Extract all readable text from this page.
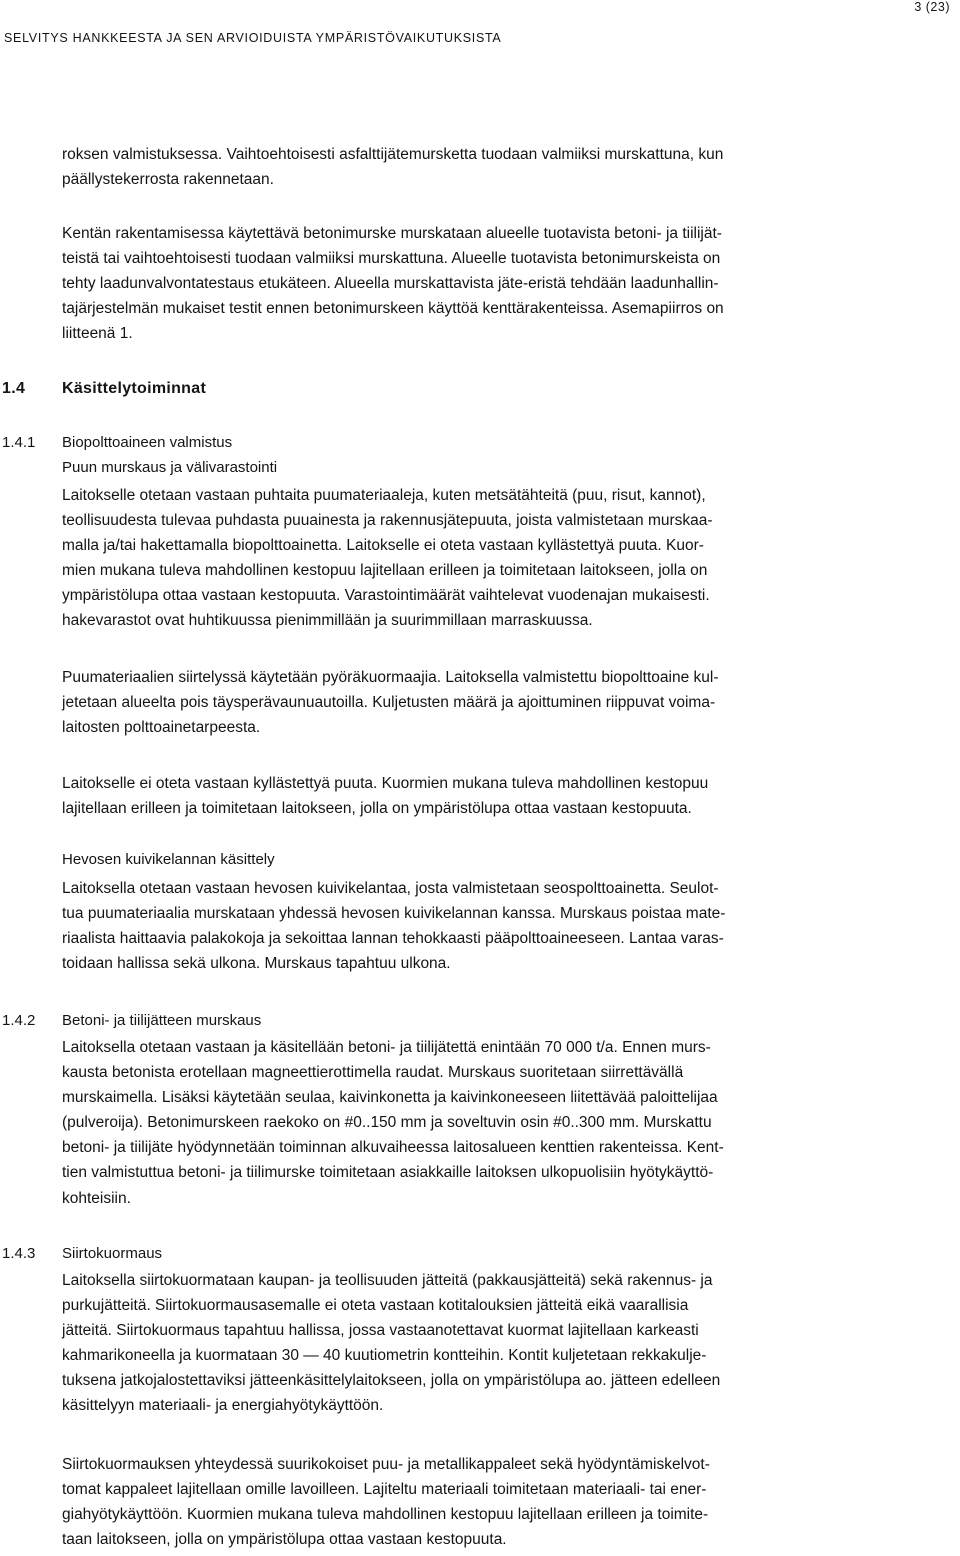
3 (23)
SELVITYS HANKKEESTA JA SEN ARVIOIDUISTA YMPÄRISTÖVAIKUTUKSISTA
roksen valmistuksessa. Vaihtoehtoisesti asfalttijätemursketta tuodaan valmiiksi murskattuna, kun
päällystekerrosta rakennetaan.
Kentän rakentamisessa käytettävä betonimurske murskataan alueelle tuotavista betoni- ja tiilijät-
teistä tai vaihtoehtoisesti tuodaan valmiiksi murskattuna. Alueelle tuotavista betonimurskeista on
tehty laadunvalvontatestaus etukäteen. Alueella murskattavista jäte-eristä tehdään laadunhallin-
tajärjestelmän mukaiset testit ennen betonimurskeen käyttöä kenttärakenteissa. Asemapiirros on
liitteenä 1.
1.4 Käsittelytoiminnat
1.4.1 Biopolttoaineen valmistus
Puun murskaus ja välivarastointi
Laitokselle otetaan vastaan puhtaita puumateriaaleja, kuten metsätähteitä (puu, risut, kannot),
teollisuudesta tulevaa puhdasta puuainesta ja rakennusjätepuuta, joista valmistetaan murskaa-
malla ja/tai hakettamalla biopolttoainetta. Laitokselle ei oteta vastaan kyllästettyä puuta. Kuor-
mien mukana tuleva mahdollinen kestopuu lajitellaan erilleen ja toimitetaan laitokseen, jolla on
ympäristölupa ottaa vastaan kestopuuta. Varastointimäärät vaihtelevat vuodenajan mukaisesti.
hakevarastot ovat huhtikuussa pienimmillään ja suurimmillaan marraskuussa.
Puumateriaalien siirtelyssä käytetään pyöräkuormaajia. Laitoksella valmistettu biopolttoaine kul-
jetetaan alueelta pois täysperävaunuautoilla. Kuljetusten määrä ja ajoittuminen riippuvat voima-
laitosten polttoainetarpeesta.
Laitokselle ei oteta vastaan kyllästettyä puuta. Kuormien mukana tuleva mahdollinen kestopuu
lajitellaan erilleen ja toimitetaan laitokseen, jolla on ympäristölupa ottaa vastaan kestopuuta.
Hevosen kuivikelannan käsittely
Laitoksella otetaan vastaan hevosen kuivikelantaa, josta valmistetaan seospolttoainetta. Seulot-
tua puumateriaalia murskataan yhdessä hevosen kuivikelannan kanssa. Murskaus poistaa mate-
riaalista haittaavia palakokoja ja sekoittaa lannan tehokkaasti pääpolttoaineeseen. Lantaa varas-
toidaan hallissa sekä ulkona. Murskaus tapahtuu ulkona.
1.4.2 Betoni- ja tiilijätteen murskaus
Laitoksella otetaan vastaan ja käsitellään betoni- ja tiilijätettä enintään 70 000 t/a. Ennen murs-
kausta betonista erotellaan magneettierottimella raudat. Murskaus suoritetaan siirrettävällä
murskaimella. Lisäksi käytetään seulaa, kaivinkonetta ja kaivinkoneeseen liitettävää paloittelijaa
(pulveroija). Betonimurskeen raekoko on #0..150 mm ja soveltuvin osin #0..300 mm. Murskattu
betoni- ja tiilijäte hyödynnetään toiminnan alkuvaiheessa laitosalueen kenttien rakenteissa. Kent-
tien valmistuttua betoni- ja tiilimurske toimitetaan asiakkaille laitoksen ulkopuolisiin hyötykäyttö-
kohteisiin.
1.4.3 Siirtokuormaus
Laitoksella siirtokuormataan kaupan- ja teollisuuden jätteitä (pakkausjätteitä) sekä rakennus- ja
purkujätteitä. Siirtokuormausasemalle ei oteta vastaan kotitalouksien jätteitä eikä vaarallisia
jätteitä. Siirtokuormaus tapahtuu hallissa, jossa vastaanotettavat kuormat lajitellaan karkeasti
kahmarikoneella ja kuormataan 30 — 40 kuutiometrin kontteihin. Kontit kuljetetaan rekkakulje-
tuksena jatkojalostettaviksi jätteenkäsittelylaitokseen, jolla on ympäristölupa ao. jätteen edelleen
käsittelyyn materiaali- ja energiahyötykäyttöön.
Siirtokuormauksen yhteydessä suurikokoiset puu- ja metallikappaleet sekä hyödyntämiskelvot-
tomat kappaleet lajitellaan omille lavoilleen. Lajiteltu materiaali toimitetaan materiaali- tai ener-
giahyötykäyttöön. Kuormien mukana tuleva mahdollinen kestopuu lajitellaan erilleen ja toimite-
taan laitokseen, jolla on ympäristölupa ottaa vastaan kestopuuta.
